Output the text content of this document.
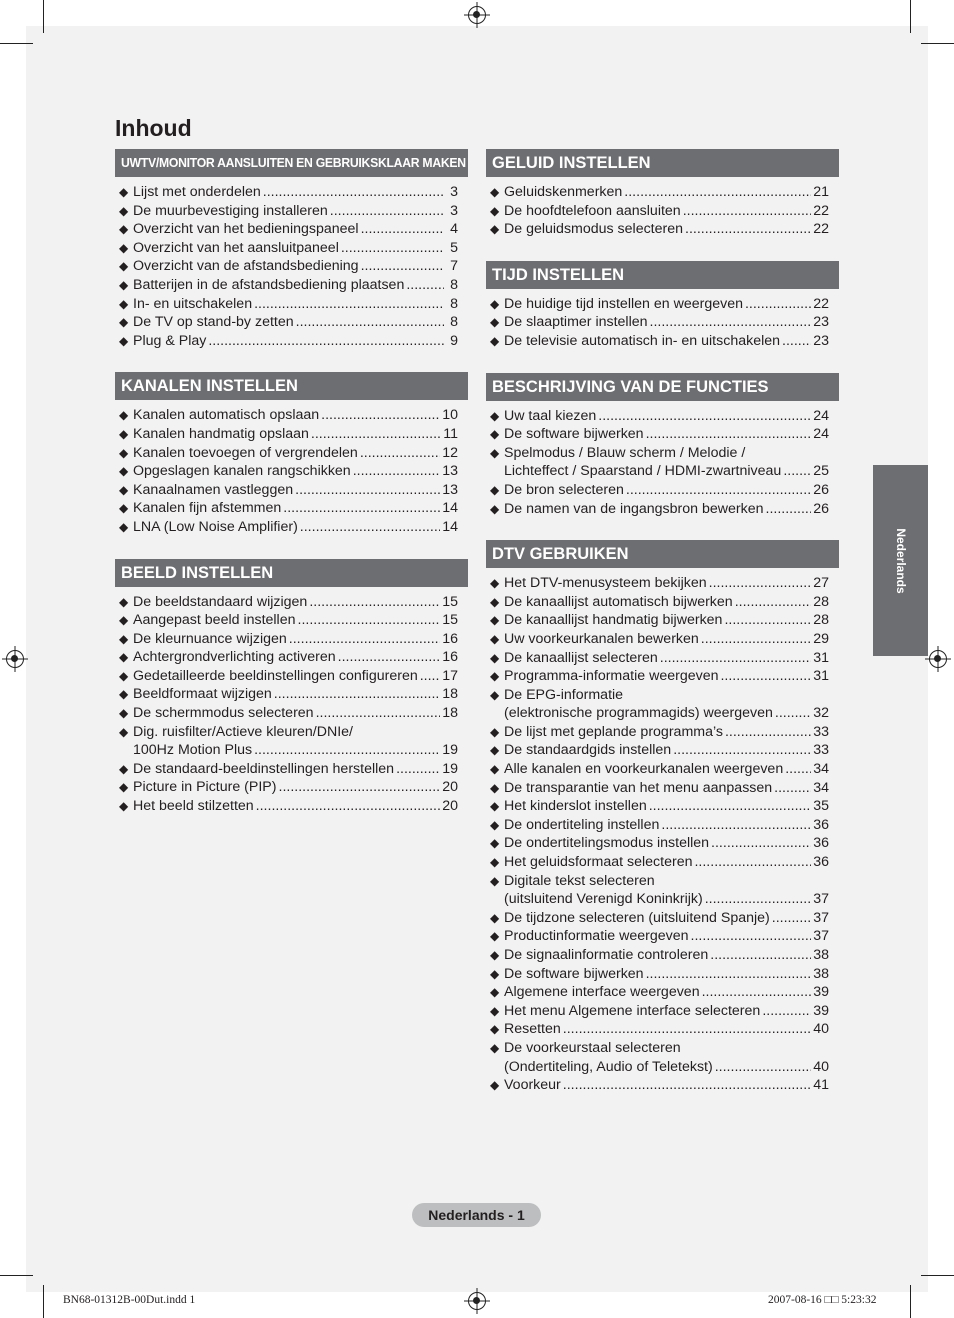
Inhoud
UWTV/MONITOR AANSLUITEN EN GEBRUIKSKLAAR MAKEN
◆ Lijst met onderdelen .....	3
◆ De muurbevestiging installeren .....	3
◆ Overzicht van het bedieningspaneel .....	4
◆ Overzicht van het aansluitpaneel .....	5
◆ Overzicht van de afstandsbediening .....	7
◆ Batterijen in de afstandsbediening plaatsen .....	8
◆ In- en uitschakelen .....	8
◆ De TV op stand-by zetten .....	8
◆ Plug & Play .....	9
KANALEN INSTELLEN
◆ Kanalen automatisch opslaan .....	10
◆ Kanalen handmatig opslaan .....	11
◆ Kanalen toevoegen of vergrendelen .....	12
◆ Opgeslagen kanalen rangschikken .....	13
◆ Kanaalnamen vastleggen .....	13
◆ Kanalen fijn afstemmen .....	14
◆ LNA (Low Noise Amplifier) .....	14
BEELD INSTELLEN
◆ De beeldstandaard wijzigen .....	15
◆ Aangepast beeld instellen .....	15
◆ De kleurnuance wijzigen .....	16
◆ Achtergrondverlichting activeren .....	16
◆ Gedetailleerde beeldinstellingen configureren ..... 17
◆ Beeldformaat wijzigen .....	18
◆ De schermmodus selecteren .....	18
◆ Dig. ruisfilter/Actieve kleuren/DNIe/
100Hz Motion Plus .....	19
◆ De standaard-beeldinstellingen herstellen .....	19
◆ Picture in Picture (PIP) .....	20
◆ Het beeld stilzetten .....	20
GELUID INSTELLEN
◆ Geluidskenmerken .....	21
◆ De hoofdtelefoon aansluiten .....	22
◆ De geluidsmodus selecteren .....	22
TIJD INSTELLEN
◆ De huidige tijd instellen en weergeven .....	22
◆ De slaaptimer instellen .....	23
◆ De televisie automatisch in- en uitschakelen ..... 23
BESCHRIJVING VAN DE FUNCTIES
◆ Uw taal kiezen .....	24
◆ De software bijwerken .....	24
◆ Spelmodus / Blauw scherm / Melodie /
Lichteffect / Spaarstand / HDMI-zwartniveau ..... 25
◆ De bron selecteren .....	26
◆ De namen van de ingangsbron bewerken .....	26
DTV GEBRUIKEN
◆ Het DTV-menusysteem bekijken .....	27
◆ De kanaallijst automatisch bijwerken .....	28
◆ De kanaallijst handmatig bijwerken .....	28
◆ Uw voorkeurkanalen bewerken .....	29
◆ De kanaallijst selecteren .....	31
◆ Programma-informatie weergeven .....	31
◆ De EPG-informatie
(elektronische programmagids) weergeven .....	32
◆ De lijst met geplande programma’s .....	33
◆ De standaardgids instellen .....	33
◆ Alle kanalen en voorkeurkanalen weergeven ..... 34
◆ De transparantie van het menu aanpassen .....	34
◆ Het kinderslot instellen .....	35
◆ De ondertiteling instellen .....	36
◆ De ondertitelingsmodus instellen .....	36
◆ Het geluidsformaat selecteren .....	36
◆ Digitale tekst selecteren
(uitsluitend Verenigd Koninkrijk) .....	37
◆ De tijdzone selecteren (uitsluitend Spanje) .....	37
◆ Productinformatie weergeven .....	37
◆ De signaalinformatie controleren .....	38
◆ De software bijwerken .....	38
◆ Algemene interface weergeven .....	39
◆ Het menu Algemene interface selecteren .....	39
◆ Resetten .....	40
◆ De voorkeurstaal selecteren
(Ondertiteling, Audio of Teletekst) .....	40
◆ Voorkeur .....	41
Nederlands
Nederlands - 1
BN68-01312B-00Dut.indd 1	2007-08-16 □□ 5:23:32
